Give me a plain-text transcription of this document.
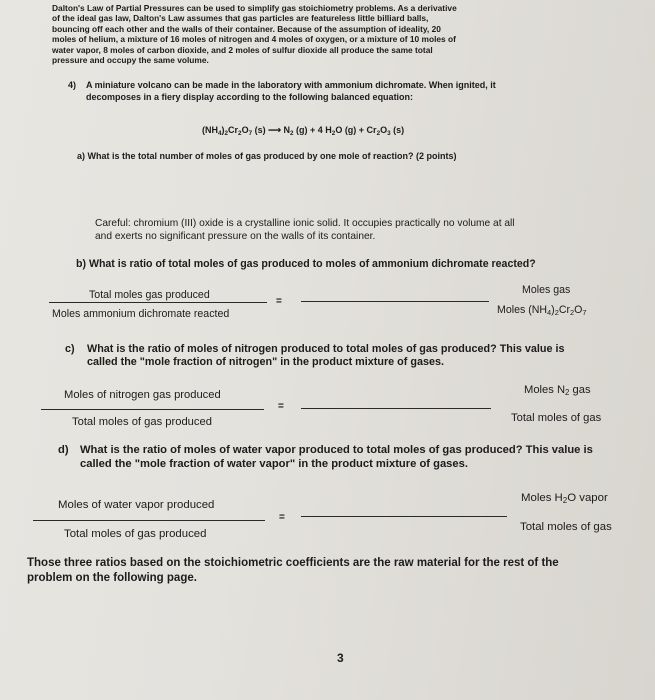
Dalton's Law of Partial Pressures can be used to simplify gas stoichiometry problems. As a derivative
of the ideal gas law, Dalton's Law assumes that gas particles are featureless little billiard balls,
bouncing off each other and the walls of their container. Because of the assumption of ideality, 20
moles of helium, a mixture of 16 moles of nitrogen and 4 moles of oxygen, or a mixture of 10 moles of
water vapor, 8 moles of carbon dioxide, and 2 moles of sulfur dioxide all produce the same total
pressure and occupy the same volume.
4) A miniature volcano can be made in the laboratory with ammonium dichromate. When ignited, it
decomposes in a fiery display according to the following balanced equation:
$(NH_4)_2Cr_2O_7$ (s) ⟶ $N_2$ (g) + 4 $H_2O$ $(g) + Cr_2O_3$ (s)
a) What is the total number of moles of gas produced by one mole of reaction? (2 points)
Careful: chromium (III) oxide is a crystalline ionic solid. It occupies practically no volume at all
and exerts no significant pressure on the walls of its container.
b) What is ratio of total moles of gas produced to moles of ammonium dichromate reacted?
Total moles gas produced
Moles ammonium dichromate reacted
=
Moles gas
Moles $(NH_4)_2Cr_2O_7$
c) What is the ratio of moles of nitrogen produced to total moles of gas produced? This value is
called the "mole fraction of nitrogen" in the product mixture of gases.
Moles of nitrogen gas produced
Total moles of gas produced
=
Moles $N_2$ gas
Total moles of gas
d) What is the ratio of moles of water vapor produced to total moles of gas produced? This value is
called the "mole fraction of water vapor" in the product mixture of gases.
Moles of water vapor produced
Total moles of gas produced
=
Moles $H_2O$ vapor
Total moles of gas
Those three ratios based on the stoichiometric coefficients are the raw material for the rest of the
problem on the following page.
3
